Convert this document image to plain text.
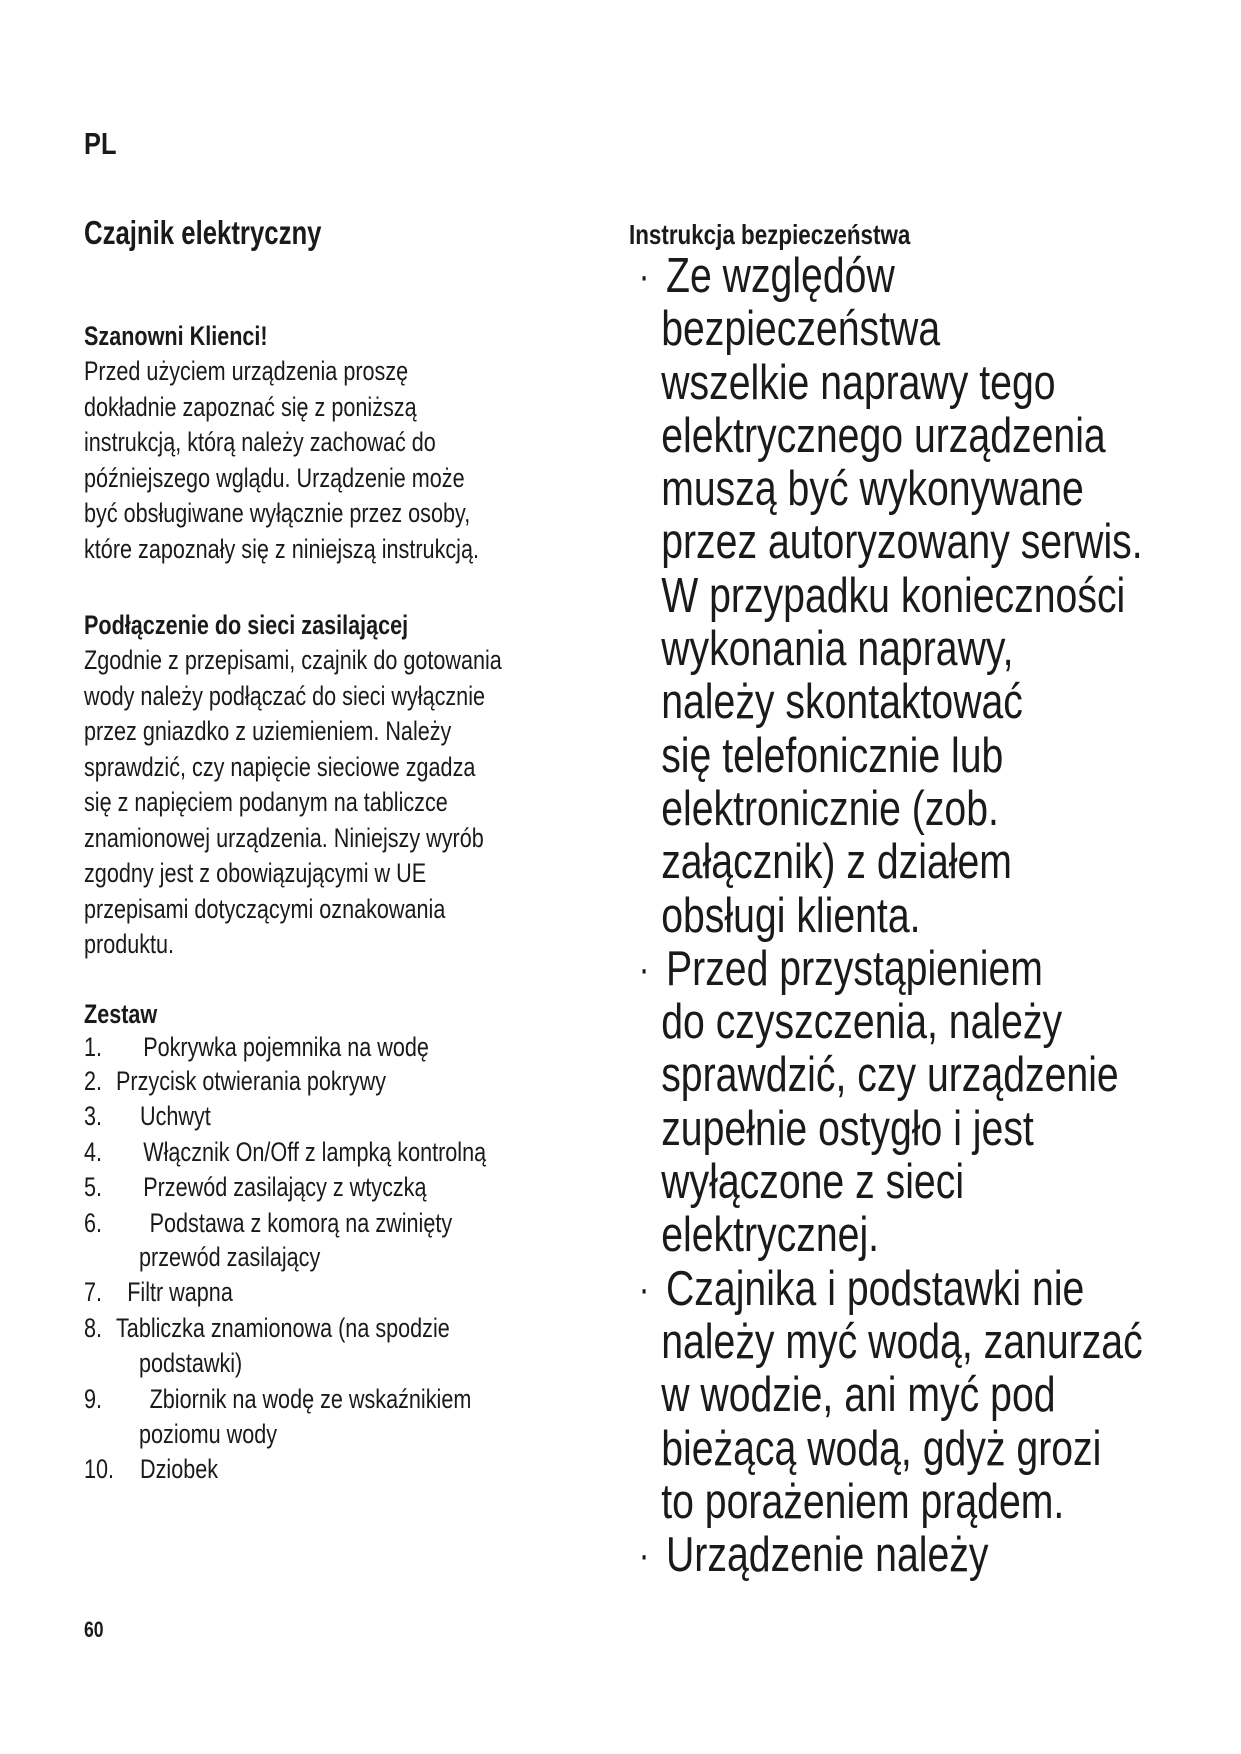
PL
Czajnik elektryczny
Szanowni Klienci!
Przed użyciem urządzenia proszę
dokładnie zapoznać się z poniższą
instrukcją, którą należy zachować do
późniejszego wglądu. Urządzenie może
być obsługiwane wyłącznie przez osoby,
które zapoznały się z niniejszą instrukcją.
Podłączenie do sieci zasilającej
Zgodnie z przepisami, czajnik do gotowania
wody należy podłączać do sieci wyłącznie
przez gniazdko z uziemieniem. Należy
sprawdzić, czy napięcie sieciowe zgadza
się z napięciem podanym na tabliczce
znamionowej urządzenia. Niniejszy wyrób
zgodny jest z obowiązującymi w UE
przepisami dotyczącymi oznakowania
produktu.
Zestaw
1. Pokrywka pojemnika na wodę
2. Przycisk otwierania pokrywy
3. Uchwyt
4. Włącznik On/Off z lampką kontrolną
5. Przewód zasilający z wtyczką
6. Podstawa z komorą na zwinięty
przewód zasilający
7. Filtr wapna
8. Tabliczka znamionowa (na spodzie
podstawki)
9. Zbiornik na wodę ze wskaźnikiem
poziomu wody
10. Dziobek
60
Instrukcja bezpieczeństwa
· Ze względów
bezpieczeństwa
wszelkie naprawy tego
elektrycznego urządzenia
muszą być wykonywane
przez autoryzowany serwis.
W przypadku konieczności
wykonania naprawy,
należy skontaktować
się telefonicznie lub
elektronicznie (zob.
załącznik) z działem
obsługi klienta.
· Przed przystąpieniem
do czyszczenia, należy
sprawdzić, czy urządzenie
zupełnie ostygło i jest
wyłączone z sieci
elektrycznej.
· Czajnika i podstawki nie
należy myć wodą, zanurzać
w wodzie, ani myć pod
bieżącą wodą, gdyż grozi
to porażeniem prądem.
· Urządzenie należy
